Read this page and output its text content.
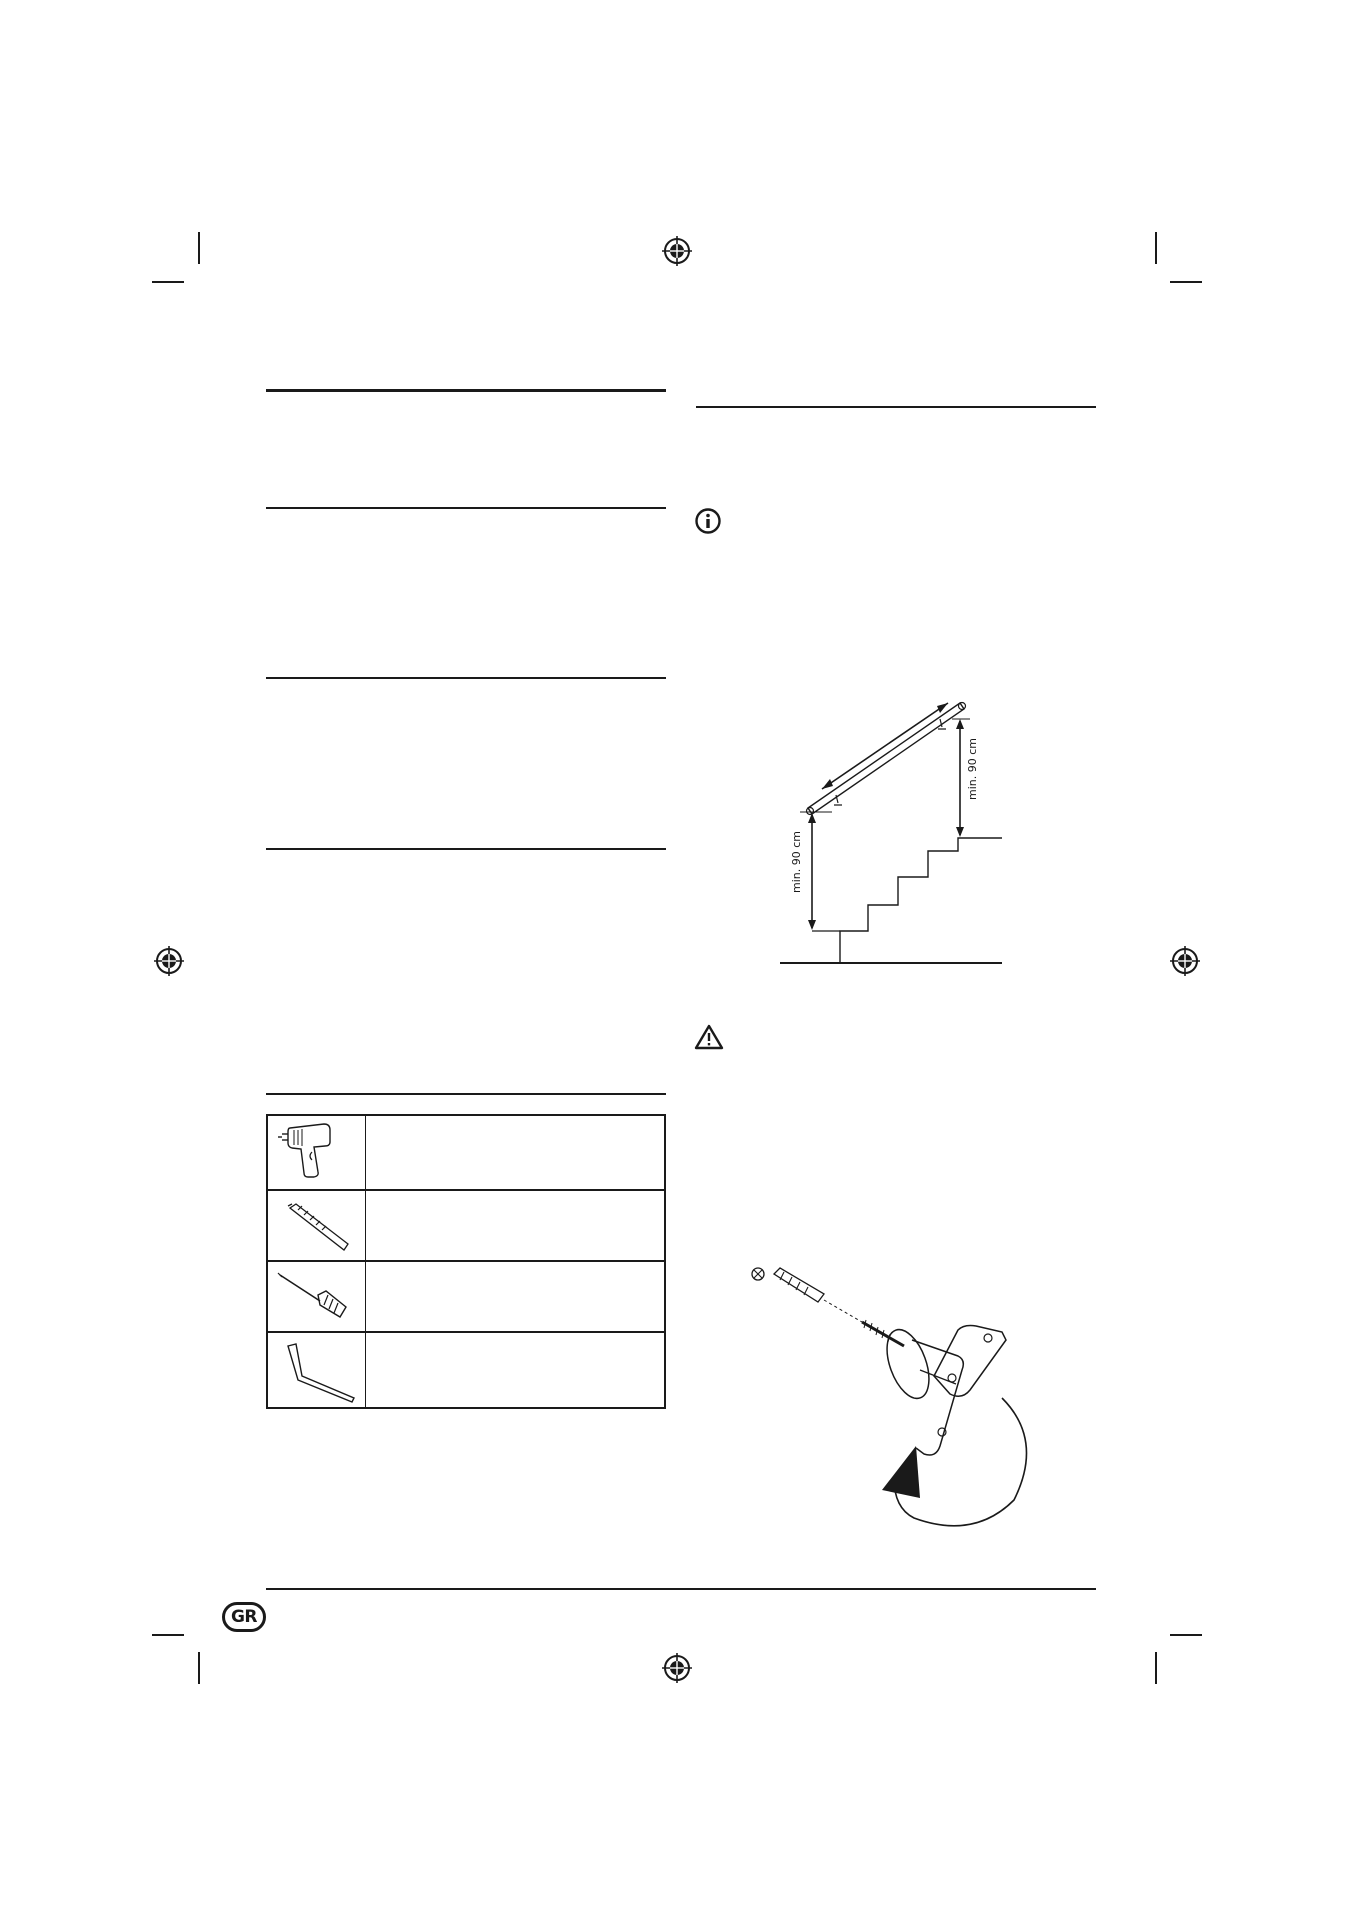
min. 90 cm
min. 90 cm
GR
